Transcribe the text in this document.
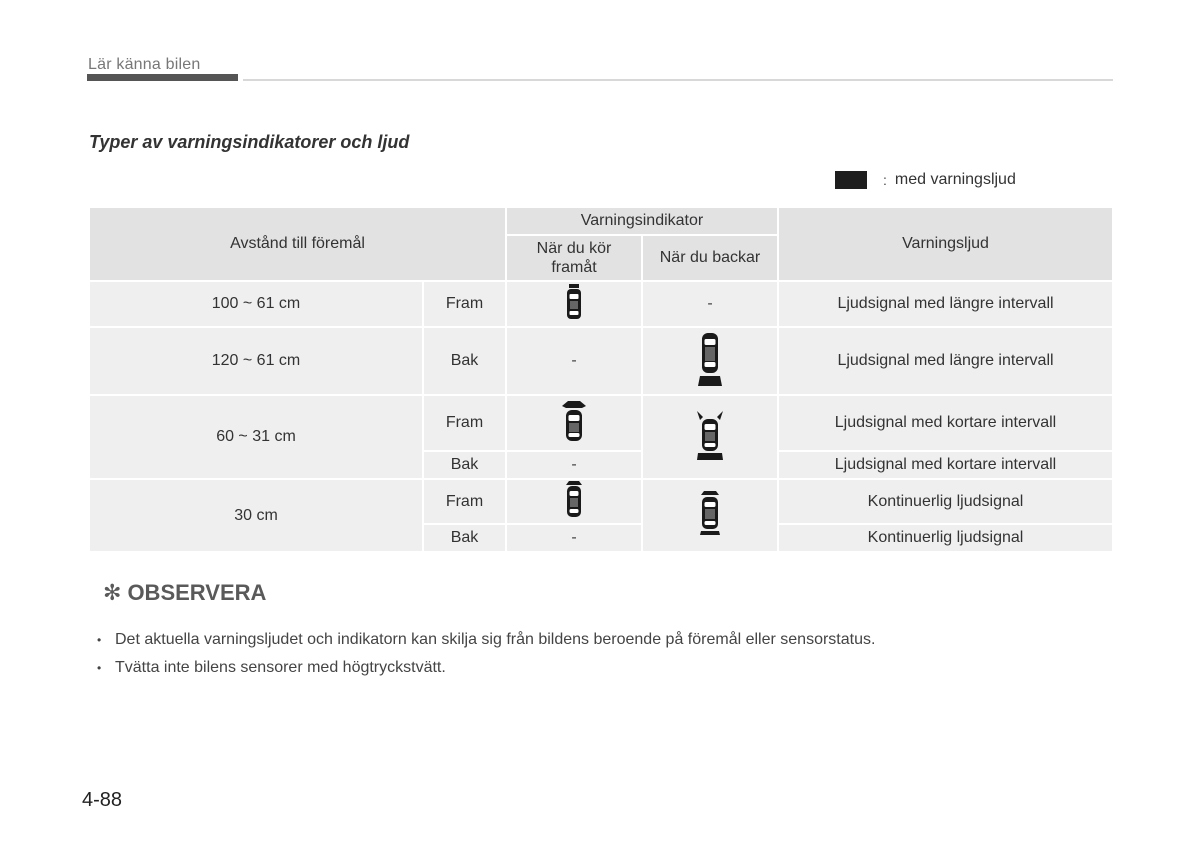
Lär känna bilen
Typer av varningsindikatorer och ljud
: med varningsljud
Avstånd till föremål		Varningsindikator		Varningsljud

		När du kör framåt	När du backar	
100 ~ 61 cm	Fram		-	Ljudsignal med längre intervall
120 ~ 61 cm	Bak	-		Ljudsignal med längre intervall
60 ~ 31 cm	Fram			Ljudsignal med kortare intervall
	Bak	-		Ljudsignal med kortare intervall
30 cm	Fram			Kontinuerlig ljudsignal
	Bak	-		Kontinuerlig ljudsignal
✻ OBSERVERA
• Det aktuella varningsljudet och indikatorn kan skilja sig från bildens beroende på föremål eller sensorstatus.
• Tvätta inte bilens sensorer med högtryckstvätt.
4-88
